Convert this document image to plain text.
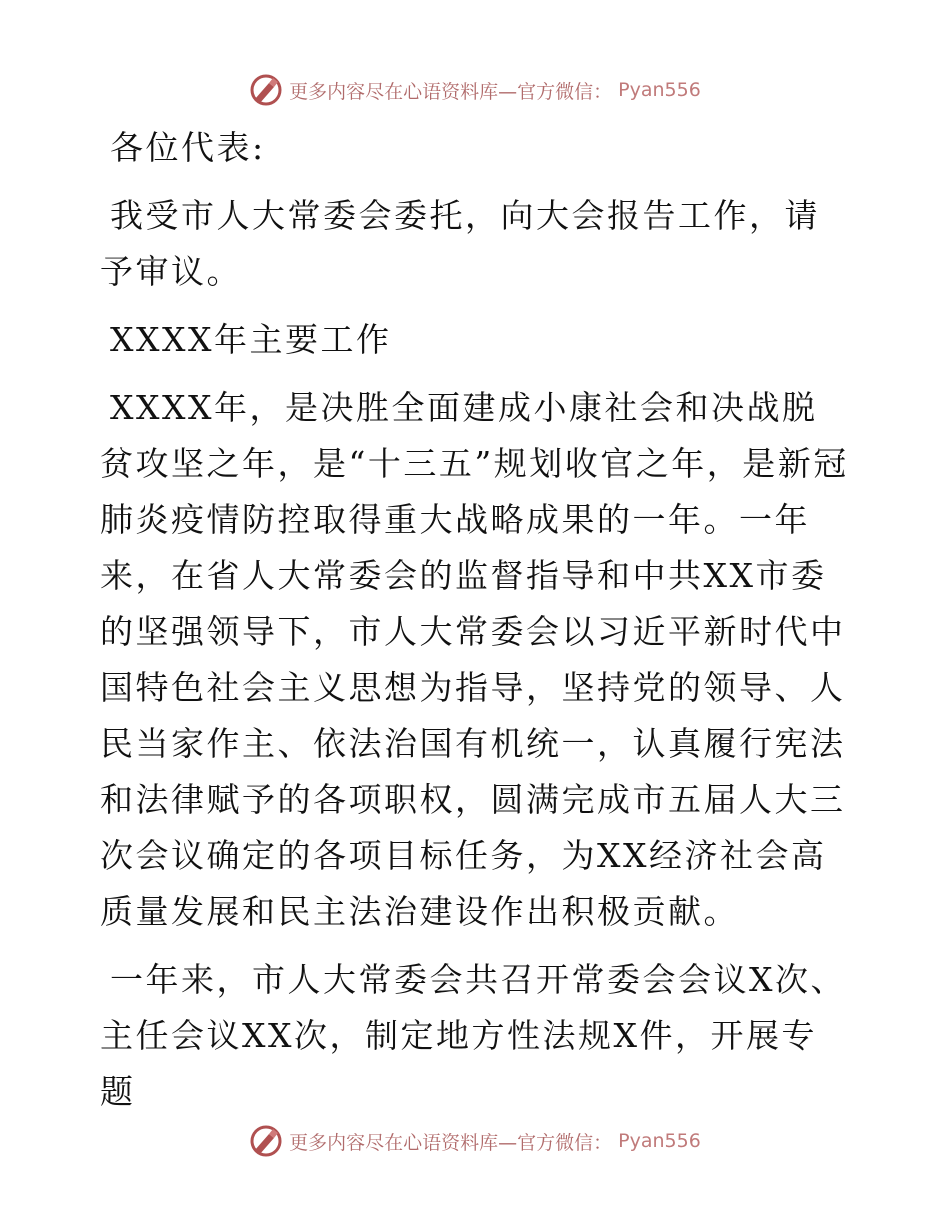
更多内容尽在心语资料库—官方微信： Pyan556

各位代表:

我受市人大常委会委托，向大会报告工作，请予审议。

XXXX年主要工作

XXXX年，是决胜全面建成小康社会和决战脱贫攻坚之年，是“十三五”规划收官之年，是新冠肺炎疫情防控取得重大战略成果的一年。一年来，在省人大常委会的监督指导和中共XX市委的坚强领导下，市人大常委会以习近平新时代中国特色社会主义思想为指导，坚持党的领导、人民当家作主、依法治国有机统一，认真履行宪法和法律赋予的各项职权，圆满完成市五届人大三次会议确定的各项目标任务，为XX经济社会高质量发展和民主法治建设作出积极贡献。

一年来，市人大常委会共召开常委会会议X次、主任会议XX次，制定地方性法规X件，开展专题

更多内容尽在心语资料库—官方微信： Pyan556
